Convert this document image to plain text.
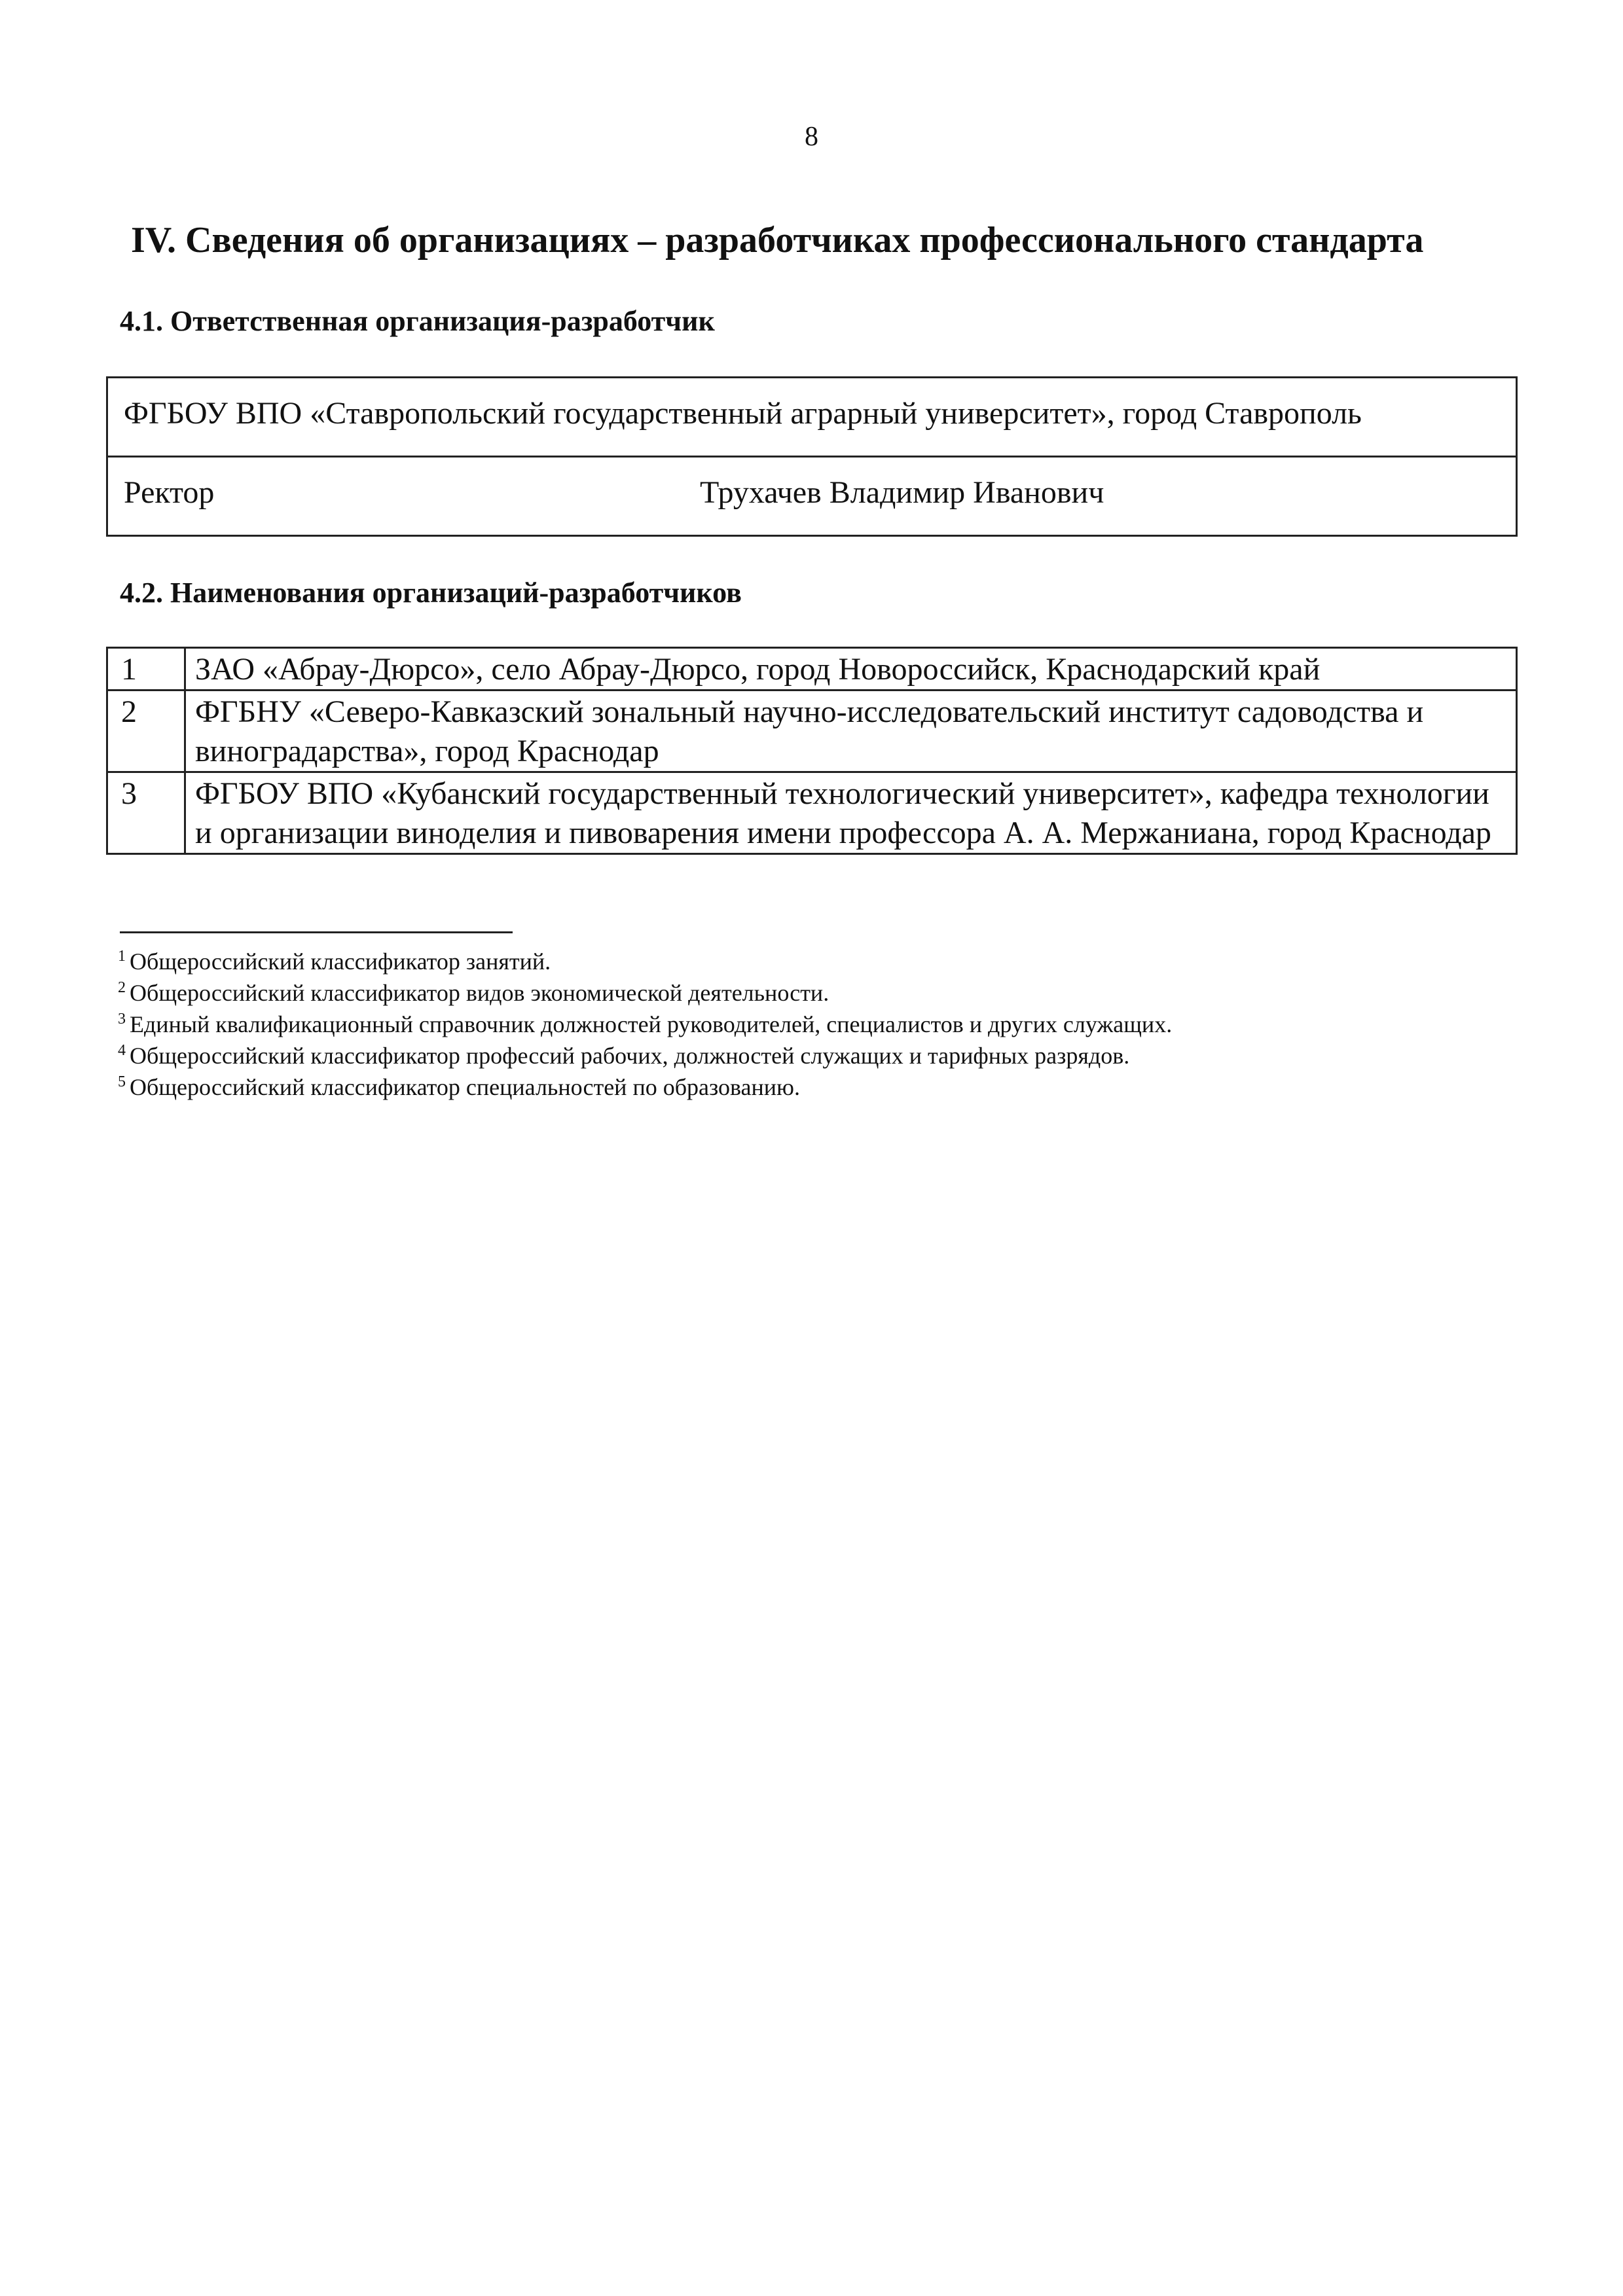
8
IV. Сведения об организациях – разработчиках профессионального стандарта
4.1. Ответственная организация-разработчик
ФГБОУ ВПО «Ставропольский государственный аграрный университет», город Ставрополь

Ректор	Трухачев Владимир Иванович
4.2. Наименования организаций-разработчиков
1	ЗАО «Абрау-Дюрсо», село Абрау-Дюрсо, город Новороссийск, Краснодарский край
2	ФГБНУ «Северо-Кавказский зональный научно-исследовательский институт садоводства и виноградарства», город Краснодар
3	ФГБОУ ВПО «Кубанский государственный технологический университет», кафедра технологии и организации виноделия и пивоварения имени профессора А. А. Мержаниана, город Краснодар
$^1$ Общероссийский классификатор занятий.
$^2$ Общероссийский классификатор видов экономической деятельности.
$^3$ Единый квалификационный справочник должностей руководителей, специалистов и других служащих.
$^4$ Общероссийский классификатор профессий рабочих, должностей служащих и тарифных разрядов.
$^5$ Общероссийский классификатор специальностей по образованию.
